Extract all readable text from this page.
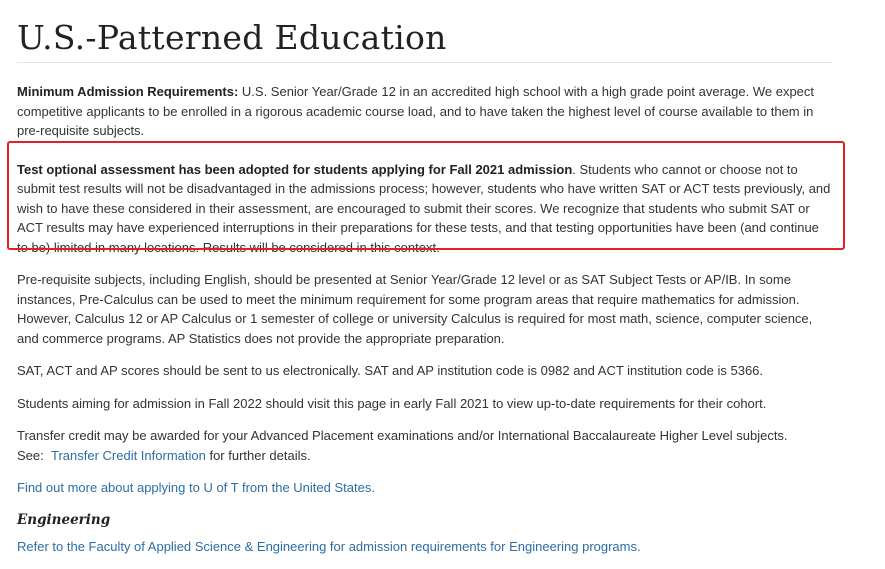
U.S.-Patterned Education

Minimum Admission Requirements: U.S. Senior Year/Grade 12 in an accredited high school with a high grade point average. We expect competitive applicants to be enrolled in a rigorous academic course load, and to have taken the highest level of course available to them in pre-requisite subjects.

Test optional assessment has been adopted for students applying for Fall 2021 admission. Students who cannot or choose not to submit test results will not be disadvantaged in the admissions process; however, students who have written SAT or ACT tests previously, and wish to have these considered in their assessment, are encouraged to submit their scores. We recognize that students who submit SAT or ACT results may have experienced interruptions in their preparations for these tests, and that testing opportunities have been (and continue to be) limited in many locations. Results will be considered in this context.

Pre-requisite subjects, including English, should be presented at Senior Year/Grade 12 level or as SAT Subject Tests or AP/IB. In some instances, Pre-Calculus can be used to meet the minimum requirement for some program areas that require mathematics for admission. However, Calculus 12 or AP Calculus or 1 semester of college or university Calculus is required for most math, science, computer science, and commerce programs. AP Statistics does not provide the appropriate preparation.

SAT, ACT and AP scores should be sent to us electronically. SAT and AP institution code is 0982 and ACT institution code is 5366.

Students aiming for admission in Fall 2022 should visit this page in early Fall 2021 to view up-to-date requirements for their cohort.

Transfer credit may be awarded for your Advanced Placement examinations and/or International Baccalaureate Higher Level subjects.
See:  Transfer Credit Information for further details.

Find out more about applying to U of T from the United States.

Engineering

Refer to the Faculty of Applied Science & Engineering for admission requirements for Engineering programs.
